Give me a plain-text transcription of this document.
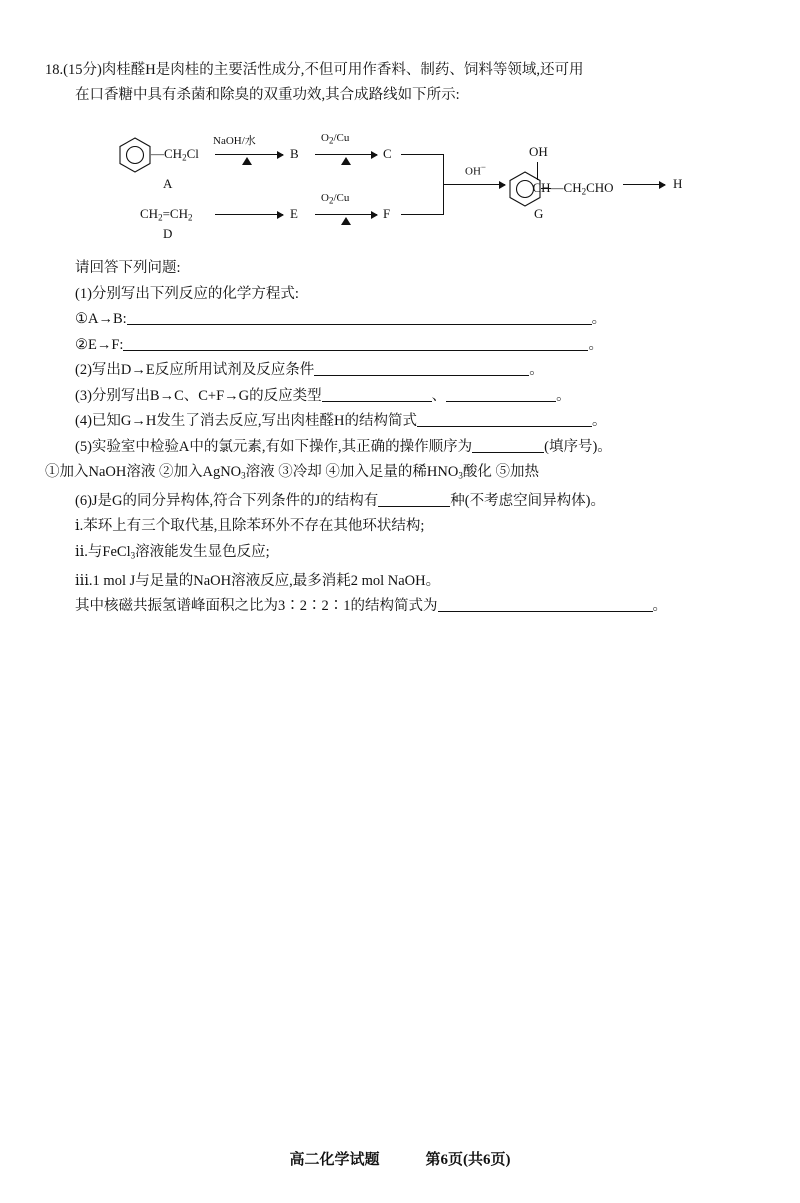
18.(15分)肉桂醛H是肉桂的主要活性成分,不但可用作香料、制药、饲料等领域,还可用
在口香糖中具有杀菌和除臭的双重功效,其合成路线如下所示:
$—CH_2Cl$
A
NaOH/水
B
$O_2/Cu$
C
$CH_2=CH_2$
D
E
$O_2/Cu$
F
OH−
OH
$CH—CH_2CHO$
G
H
请回答下列问题:
(1)分别写出下列反应的化学方程式:
①A→B:	。
②E→F:	。
(2)写出D→E反应所用试剂及反应条件	。
(3)分别写出B→C、C+F→G的反应类型	、	。
(4)已知G→H发生了消去反应,写出肉桂醛H的结构简式	。
(5)实验室中检验A中的氯元素,有如下操作,其正确的操作顺序为	(填序号)。
①加入NaOH溶液 ②加入AgNO$_3$溶液 ③冷却 ④加入足量的稀$HNO_3$酸化 ⑤加热
(6)J是G的同分异构体,符合下列条件的J的结构有	种(不考虑空间异构体)。
ⅰ.苯环上有三个取代基,且除苯环外不存在其他环状结构;
ⅱ.与FeCl$_3$溶液能发生显色反应;
ⅲ.1 mol J与足量的NaOH溶液反应,最多消耗2 mol NaOH。
其中核磁共振氢谱峰面积之比为3∶2∶2∶1的结构简式为	。
高二化学试题	第6页(共6页)
